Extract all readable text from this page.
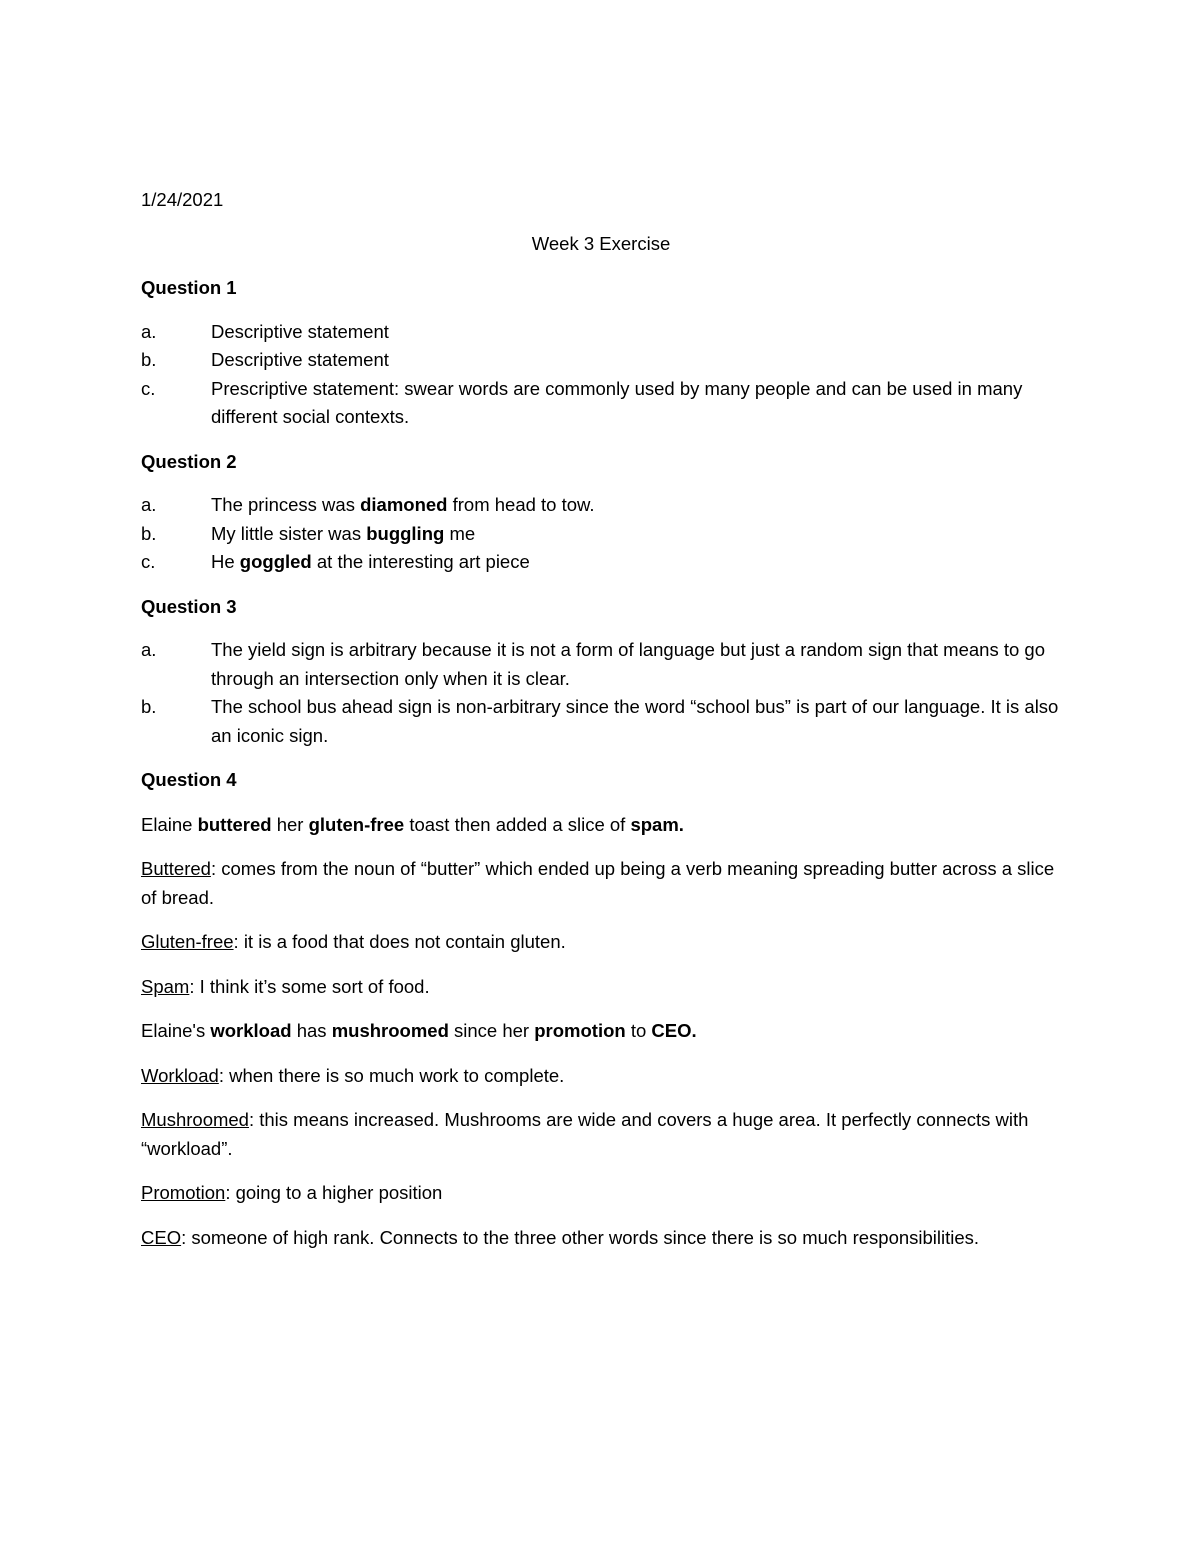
1/24/2021

Week 3 Exercise

Question 1

a.	Descriptive statement
b.	Descriptive statement
c.	Prescriptive statement: swear words are commonly used by many people and can be used in many different social contexts.

Question 2

a.	The princess was diamoned from head to tow.
b.	My little sister was buggling me
c.	He goggled at the interesting art piece

Question 3

a.	The yield sign is arbitrary because it is not a form of language but just a random sign that means to go through an intersection only when it is clear.
b.	The school bus ahead sign is non-arbitrary since the word “school bus” is part of our language. It is also an iconic sign.

Question 4

Elaine buttered her gluten-free toast then added a slice of spam.

Buttered: comes from the noun of “butter” which ended up being a verb meaning spreading butter across a slice of bread.

Gluten-free: it is a food that does not contain gluten.

Spam: I think it’s some sort of food.

Elaine's workload has mushroomed since her promotion to CEO.

Workload: when there is so much work to complete.

Mushroomed: this means increased. Mushrooms are wide and covers a huge area. It perfectly connects with “workload”.

Promotion: going to a higher position

CEO: someone of high rank. Connects to the three other words since there is so much responsibilities.
